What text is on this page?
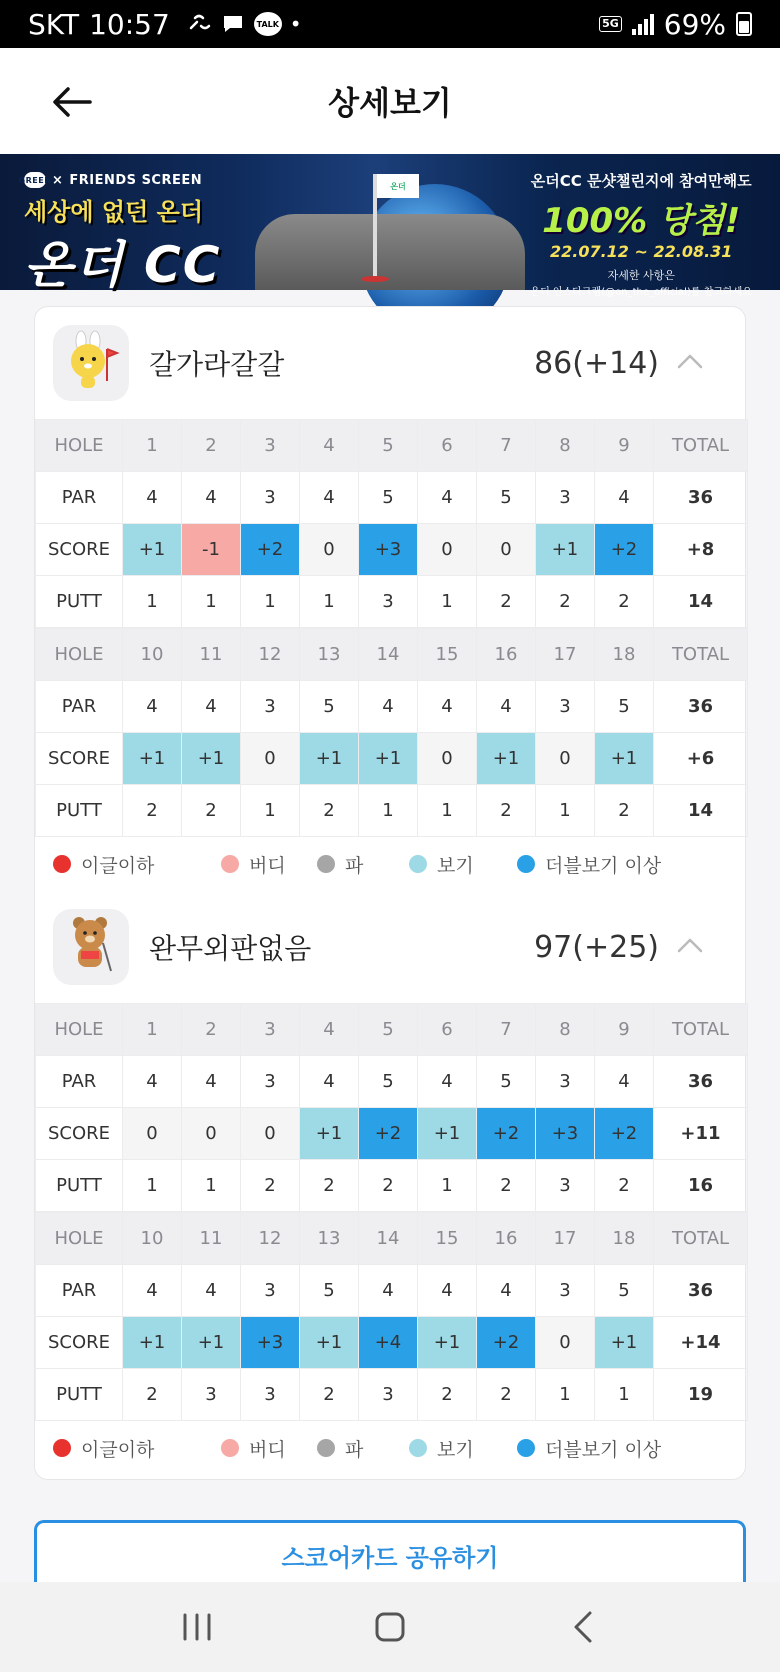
SKT 10:57	TALK •	5G 69%
상세보기
GREEN × FRIENDS SCREEN
세상에 없던 온더
온더 CC
온더	온더CC 문샷챌린지에 참여만해도
100% 당첨!
22.07.12 ~ 22.08.31
자세한 사항은
온더 인스타그램(@on_the_official)를 참고하세요
갈가라갈갈	86(+14)
HOLE	1	2	3	4	5	6	7	8	9	TOTAL
PAR	4	4	3	4	5	4	5	3	4	36
SCORE	+1	-1	+2	0	+3	0	0	+1	+2	+8
PUTT	1	1	1	1	3	1	2	2	2	14
HOLE	10	11	12	13	14	15	16	17	18	TOTAL
PAR	4	4	3	5	4	4	4	3	5	36
SCORE	+1	+1	0	+1	+1	0	+1	0	+1	+6
PUTT	2	2	1	2	1	1	2	1	2	14
이글이하	버디	파	보기	더블보기 이상
완무외판없음	97(+25)
HOLE	1	2	3	4	5	6	7	8	9	TOTAL
PAR	4	4	3	4	5	4	5	3	4	36
SCORE	0	0	0	+1	+2	+1	+2	+3	+2	+11
PUTT	1	1	2	2	2	1	2	3	2	16
HOLE	10	11	12	13	14	15	16	17	18	TOTAL
PAR	4	4	3	5	4	4	4	3	5	36
SCORE	+1	+1	+3	+1	+4	+1	+2	0	+1	+14
PUTT	2	3	3	2	3	2	2	1	1	19
이글이하	버디	파	보기	더블보기 이상
스코어카드 공유하기
